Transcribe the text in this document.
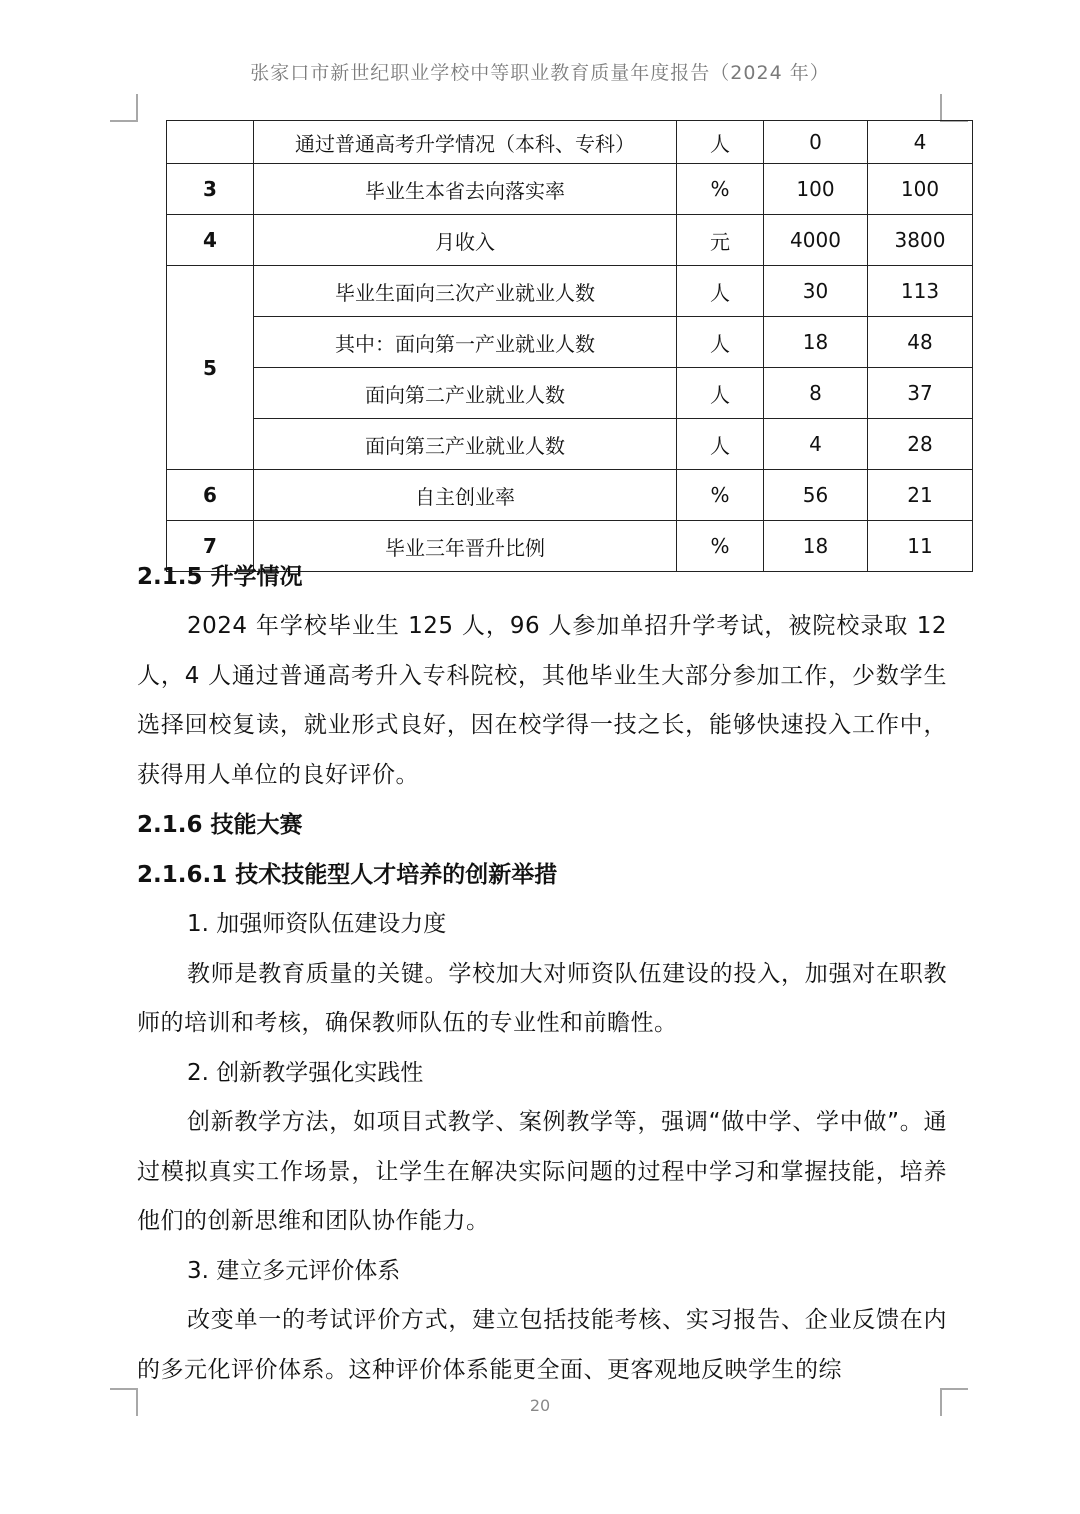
张家口市新世纪职业学校中等职业教育质量年度报告（2024 年）
	通过普通高考升学情况（本科、专科）	人	0	4
3	毕业生本省去向落实率	%	100	100
4	月收入	元	4000	3800
5	毕业生面向三次产业就业人数	人	30	113
	其中：面向第一产业就业人数	人	18	48
	面向第二产业就业人数	人	8	37
	面向第三产业就业人数	人	4	28
6	自主创业率	%	56	21
7	毕业三年晋升比例	%	18	11
2.1.5 升学情况

2024 年学校毕业生 125 人，96 人参加单招升学考试，被院校录取 12 人，4 人通过普通高考升入专科院校，其他毕业生大部分参加工作，少数学生选择回校复读，就业形式良好，因在校学得一技之长，能够快速投入工作中，获得用人单位的良好评价。

2.1.6 技能大赛
2.1.6.1 技术技能型人才培养的创新举措

1. 加强师资队伍建设力度

教师是教育质量的关键。学校加大对师资队伍建设的投入，加强对在职教师的培训和考核，确保教师队伍的专业性和前瞻性。

2. 创新教学强化实践性

创新教学方法，如项目式教学、案例教学等，强调“做中学、学中做”。通过模拟真实工作场景，让学生在解决实际问题的过程中学习和掌握技能，培养他们的创新思维和团队协作能力。

3. 建立多元评价体系

改变单一的考试评价方式，建立包括技能考核、实习报告、企业反馈在内的多元化评价体系。这种评价体系能更全面、更客观地反映学生的综

20
